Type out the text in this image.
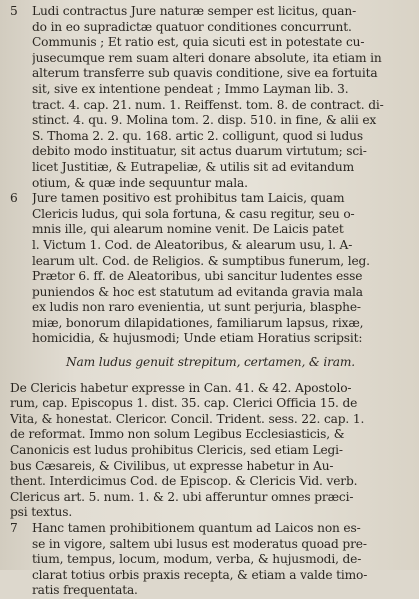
5 Ludi contractus Jure naturæ semper est licitus, quan-
do in eo supradictæ quatuor conditiones concurrunt.
Communis ; Et ratio est, quia sicuti est in potestate cu-
jusecumque rem suam alteri donare absolute, ita etiam in
alterum transferre sub quavis conditione, sive ea fortuita
sit, sive ex intentione pendeat ; Immo Layman lib. 3.
tract. 4. cap. 21. num. 1. Reiffenst. tom. 8. de contract. di-
stinct. 4. qu. 9. Molina tom. 2. disp. 510. in fine, & alii ex
S. Thoma 2. 2. qu. 168. artic 2. colligunt, quod si ludus
debito modo instituatur, sit actus duarum virtutum; sci-
licet Justitiæ, & Eutrapeliæ, & utilis sit ad evitandum
otium, & quæ inde sequuntur mala.
6 Jure tamen positivo est prohibitus tam Laicis, quam
Clericis ludus, qui sola fortuna, & casu regitur, seu o-
mnis ille, qui alearum nomine venit. De Laicis patet
l. Victum 1. Cod. de Aleatoribus, & alearum usu, l. A-
learum ult. Cod. de Religios. & sumptibus funerum, leg.
Prætor 6. ff. de Aleatoribus, ubi sancitur ludentes esse
puniendos & hoc est statutum ad evitanda gravia mala
ex ludis non raro evenientia, ut sunt perjuria, blasphe-
miæ, bonorum dilapidationes, familiarum lapsus, rixæ,
homicidia, & hujusmodi; Unde etiam Horatius scripsit:
Nam ludus genuit strepitum, certamen, & iram.
De Clericis habetur expresse in Can. 41. & 42. Apostolo-
rum, cap. Episcopus 1. dist. 35. cap. Clerici Officia 15. de
Vita, & honestat. Clericor. Concil. Trident. sess. 22. cap. 1.
de reformat. Immo non solum Legibus Ecclesiasticis, &
Canonicis est ludus prohibitus Clericis, sed etiam Legi-
bus Cæsareis, & Civilibus, ut expresse habetur in Au-
thent. Interdicimus Cod. de Episcop. & Clericis Vid. verb.
Clericus art. 5. num. 1. & 2. ubi afferuntur omnes præci-
psi textus.
7 Hanc tamen prohibitionem quantum ad Laicos non es-
se in vigore, saltem ubi lusus est moderatus quoad pre-
tium, tempus, locum, modum, verba, & hujusmodi, de-
clarat totius orbis praxis recepta, & etiam a valde timo-
ratis frequentata.
